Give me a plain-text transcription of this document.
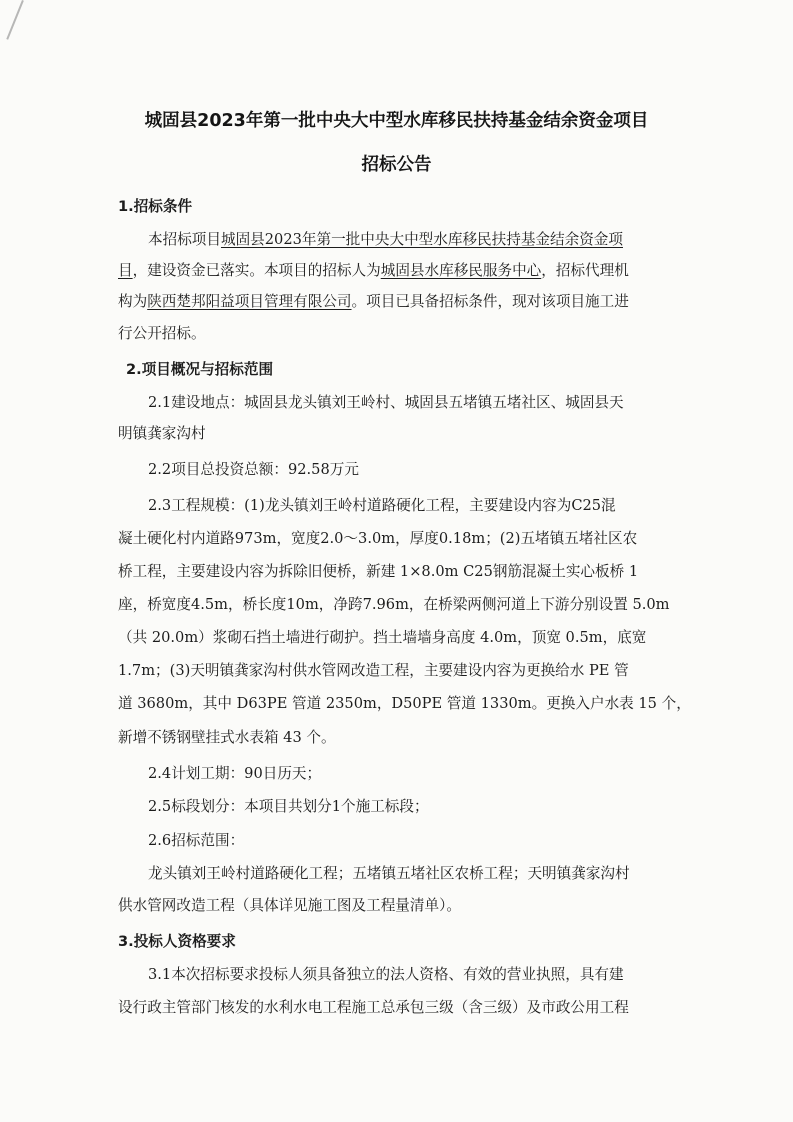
城固县2023年第一批中央大中型水库移民扶持基金结余资金项目
招标公告
1.招标条件
本招标项目城固县2023年第一批中央大中型水库移民扶持基金结余资金项
目，建设资金已落实。本项目的招标人为城固县水库移民服务中心，招标代理机
构为陕西楚邦阳益项目管理有限公司。项目已具备招标条件，现对该项目施工进
行公开招标。
2.项目概况与招标范围
2.1建设地点：城固县龙头镇刘王岭村、城固县五堵镇五堵社区、城固县天
明镇龚家沟村
2.2项目总投资总额：92.58万元
2.3工程规模：(1)龙头镇刘王岭村道路硬化工程，主要建设内容为C25混
凝土硬化村内道路973m，宽度2.0～3.0m，厚度0.18m；(2)五堵镇五堵社区农
桥工程，主要建设内容为拆除旧便桥，新建 1×8.0m C25钢筋混凝土实心板桥 1
座，桥宽度4.5m，桥长度10m，净跨7.96m，在桥梁两侧河道上下游分别设置 5.0m
（共 20.0m）浆砌石挡土墙进行砌护。挡土墙墙身高度 4.0m，顶宽 0.5m，底宽
1.7m；(3)天明镇龚家沟村供水管网改造工程，主要建设内容为更换给水 PE 管
道 3680m，其中 D63PE 管道 2350m，D50PE 管道 1330m。更换入户水表 15 个，
新增不锈钢壁挂式水表箱 43 个。
2.4计划工期：90日历天；
2.5标段划分：本项目共划分1个施工标段；
2.6招标范围：
龙头镇刘王岭村道路硬化工程；五堵镇五堵社区农桥工程；天明镇龚家沟村
供水管网改造工程（具体详见施工图及工程量清单）。
3.投标人资格要求
3.1本次招标要求投标人须具备独立的法人资格、有效的营业执照，具有建
设行政主管部门核发的水利水电工程施工总承包三级（含三级）及市政公用工程
